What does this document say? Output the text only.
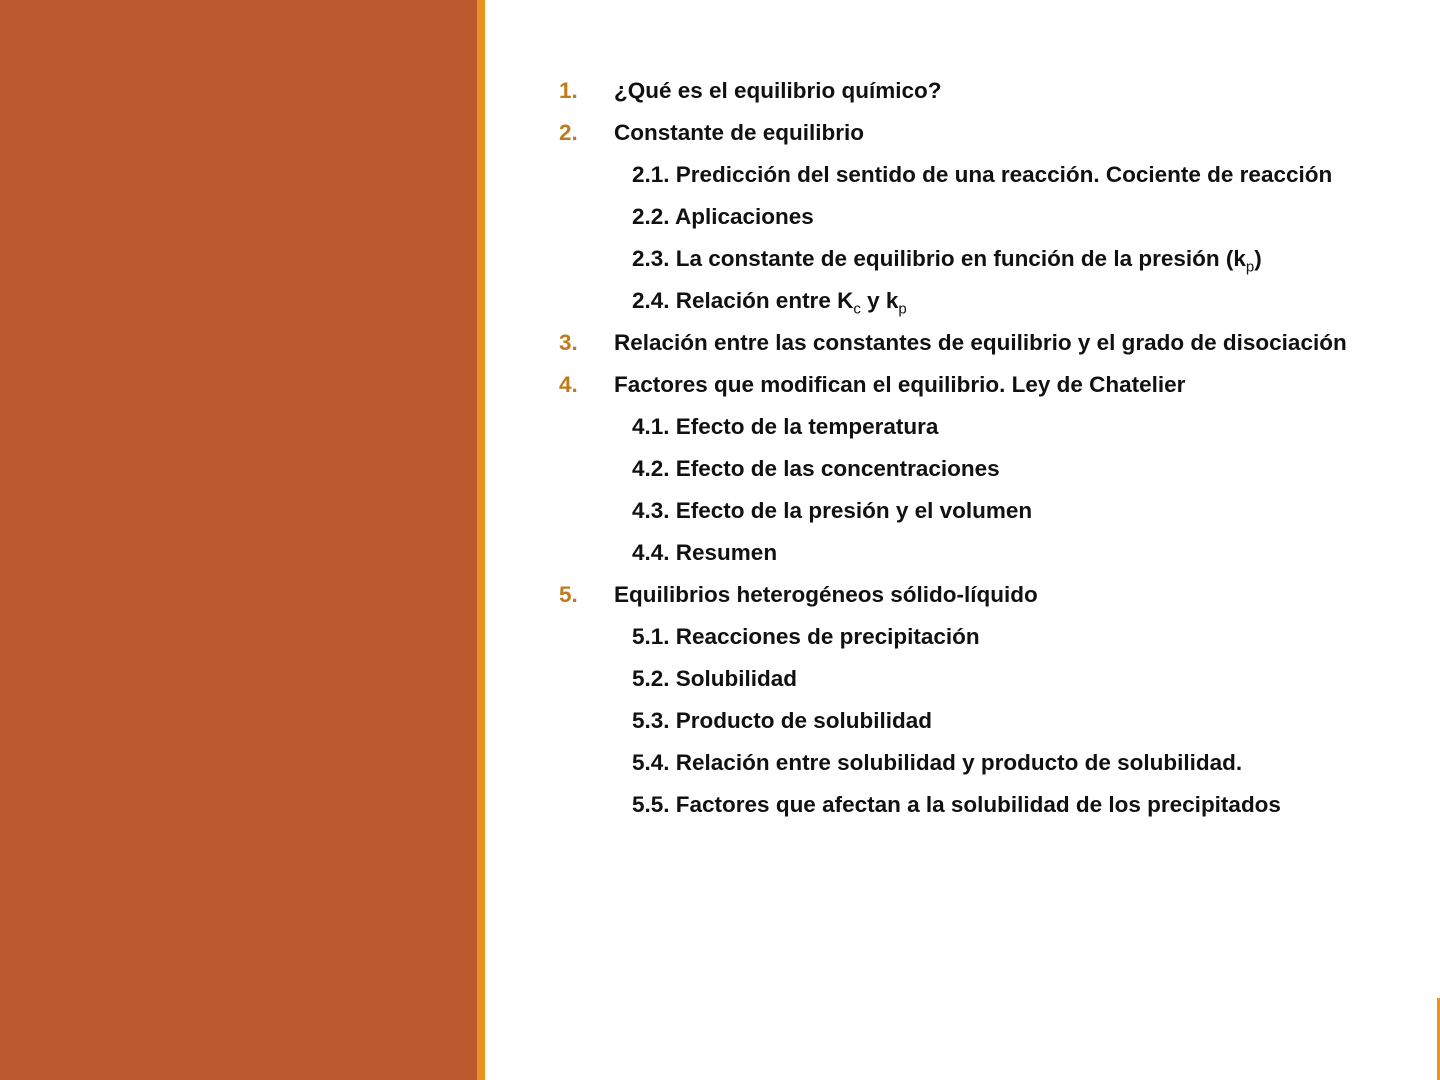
1. ¿Qué es el equilibrio químico?
2. Constante de equilibrio
2.1. Predicción del sentido de una reacción. Cociente de reacción
2.2. Aplicaciones
2.3. La constante de equilibrio en función de la presión $(k_p)$
2.4. Relación entre $K_c$ y $k_p$
3. Relación entre las constantes de equilibrio y el grado de disociación
4. Factores que modifican el equilibrio. Ley de Chatelier
4.1. Efecto de la temperatura
4.2. Efecto de las concentraciones
4.3. Efecto de la presión y el volumen
4.4. Resumen
5. Equilibrios heterogéneos sólido-líquido
5.1. Reacciones de precipitación
5.2. Solubilidad
5.3. Producto de solubilidad
5.4. Relación entre solubilidad y producto de solubilidad.
5.5. Factores que afectan a la solubilidad de los precipitados
